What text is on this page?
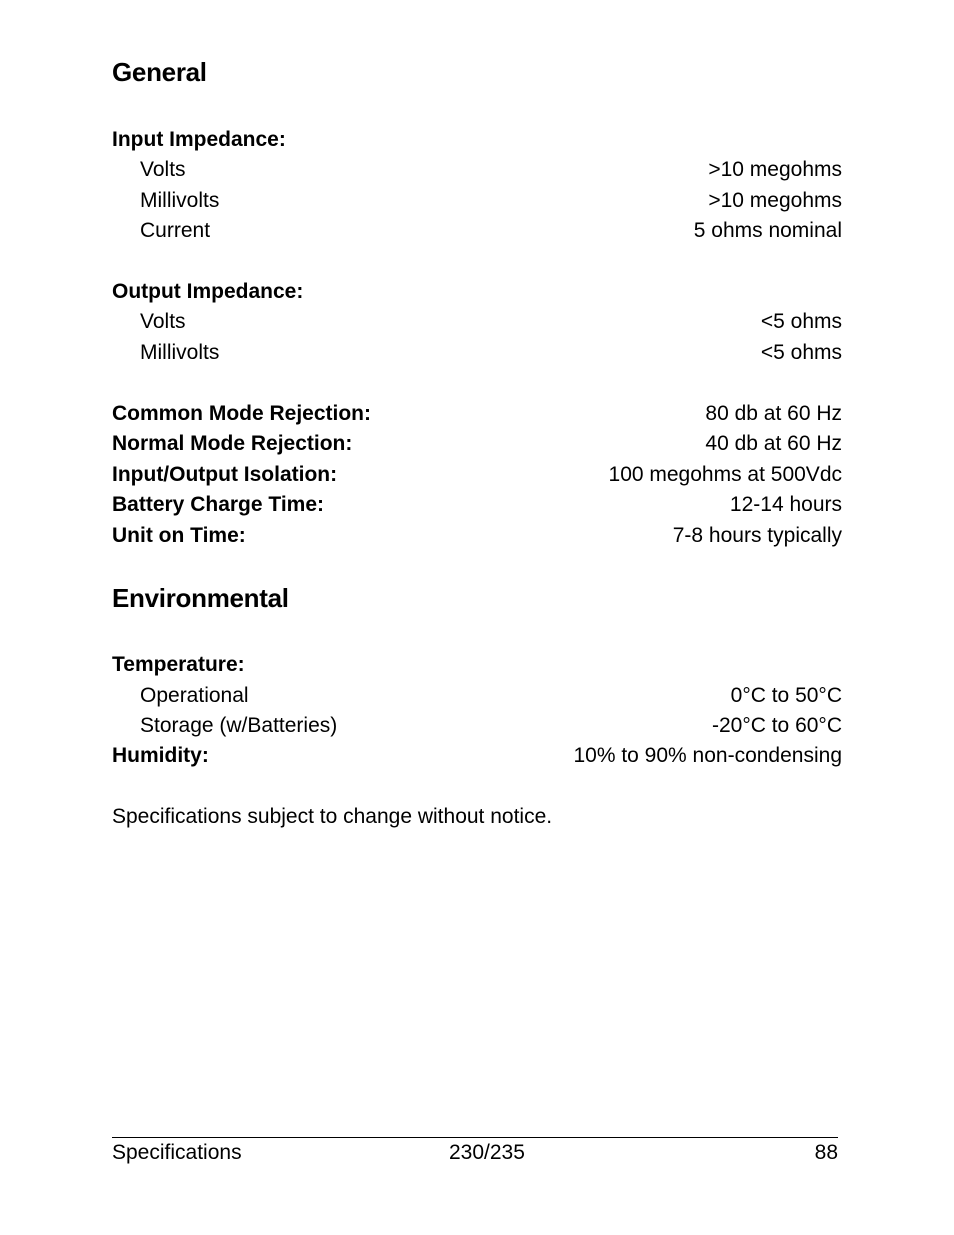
General
Input Impedance:
Volts	>10 megohms
Millivolts	>10 megohms
Current	5 ohms nominal
Output Impedance:
Volts	<5 ohms
Millivolts	<5 ohms
Common Mode Rejection:	80 db at 60 Hz
Normal Mode Rejection:	40 db at 60 Hz
Input/Output Isolation:	100 megohms at 500Vdc
Battery Charge Time:	12-14 hours
Unit on Time:	7-8 hours typically
Environmental
Temperature:
Operational	0°C to 50°C
Storage (w/Batteries)	-20°C to 60°C
Humidity:	10% to 90% non-condensing
Specifications subject to change without notice.
Specifications	230/235	88
